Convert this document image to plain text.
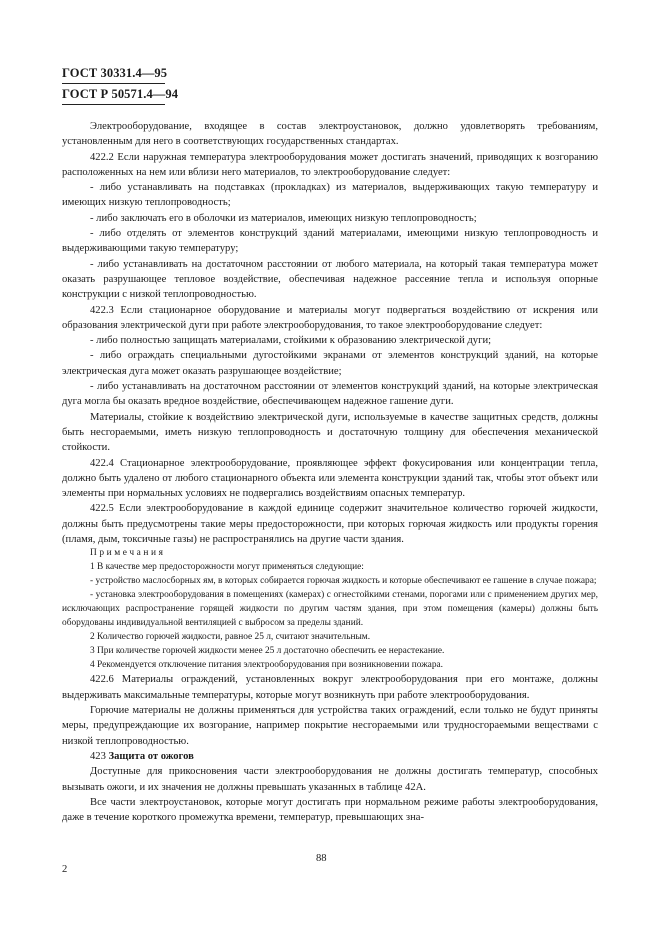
ГОСТ 30331.4—95
ГОСТ Р 50571.4—94

Электрооборудование, входящее в состав электроустановок, должно удовлетворять требованиям, установленным для него в соответствующих государственных стандартах.

422.2 Если наружная температура электрооборудования может достигать значений, приводящих к возгоранию расположенных на нем или вблизи него материалов, то электрооборудование следует:

- либо устанавливать на подставках (прокладках) из материалов, выдерживающих такую температуру и имеющих низкую теплопроводность;

- либо заключать его в оболочки из материалов, имеющих низкую теплопроводность;

- либо отделять от элементов конструкций зданий материалами, имеющими низкую теплопроводность и выдерживающими такую температуру;

- либо устанавливать на достаточном расстоянии от любого материала, на который такая температура может оказать разрушающее тепловое воздействие, обеспечивая надежное рассеяние тепла и используя опорные конструкции с низкой теплопроводностью.

422.3 Если стационарное оборудование и материалы могут подвергаться воздействию от искрения или образования электрической дуги при работе электрооборудования, то такое электрооборудование следует:

- либо полностью защищать материалами, стойкими к образованию электрической дуги;

- либо ограждать специальными дугостойкими экранами от элементов конструкций зданий, на которые электрическая дуга может оказать разрушающее воздействие;

- либо устанавливать на достаточном расстоянии от элементов конструкций зданий, на которые электрическая дуга могла бы оказать вредное воздействие, обеспечивающем надежное гашение дуги.

Материалы, стойкие к воздействию электрической дуги, используемые в качестве защитных средств, должны быть несгораемыми, иметь низкую теплопроводность и достаточную толщину для обеспечения механической стойкости.

422.4 Стационарное электрооборудование, проявляющее эффект фокусирования или концентрации тепла, должно быть удалено от любого стационарного объекта или элемента конструкции зданий так, чтобы этот объект или элементы при нормальных условиях не подвергались воздействиям опасных температур.

422.5 Если электрооборудование в каждой единице содержит значительное количество горючей жидкости, должны быть предусмотрены такие меры предосторожности, при которых горючая жидкость или продукты горения (пламя, дым, токсичные газы) не распространялись на другие части здания.

Примечания

1 В качестве мер предосторожности могут применяться следующие:

- устройство маслосборных ям, в которых собирается горючая жидкость и которые обеспечивают ее гашение в случае пожара;

- установка электрооборудования в помещениях (камерах) с огнестойкими стенами, порогами или с применением других мер, исключающих распространение горящей жидкости по другим частям здания, при этом помещения (камеры) должны быть оборудованы индивидуальной вентиляцией с выбросом за пределы зданий.

2 Количество горючей жидкости, равное 25 л, считают значительным.

3 При количестве горючей жидкости менее 25 л достаточно обеспечить ее нерастекание.

4 Рекомендуется отключение питания электрооборудования при возникновении пожара.

422.6 Материалы ограждений, установленных вокруг электрооборудования при его монтаже, должны выдерживать максимальные температуры, которые могут возникнуть при работе электрооборудования.

Горючие материалы не должны применяться для устройства таких ограждений, если только не будут приняты меры, предупреждающие их возгорание, например покрытие несгораемыми или трудносгораемыми веществами с низкой теплопроводностью.

423 Защита от ожогов

Доступные для прикосновения части электрооборудования не должны достигать температур, способных вызывать ожоги, и их значения не должны превышать указанных в таблице 42А.

Все части электроустановок, которые могут достигать при нормальном режиме работы электрооборудования, даже в течение короткого промежутка времени, температур, превышающих зна-

88
2
